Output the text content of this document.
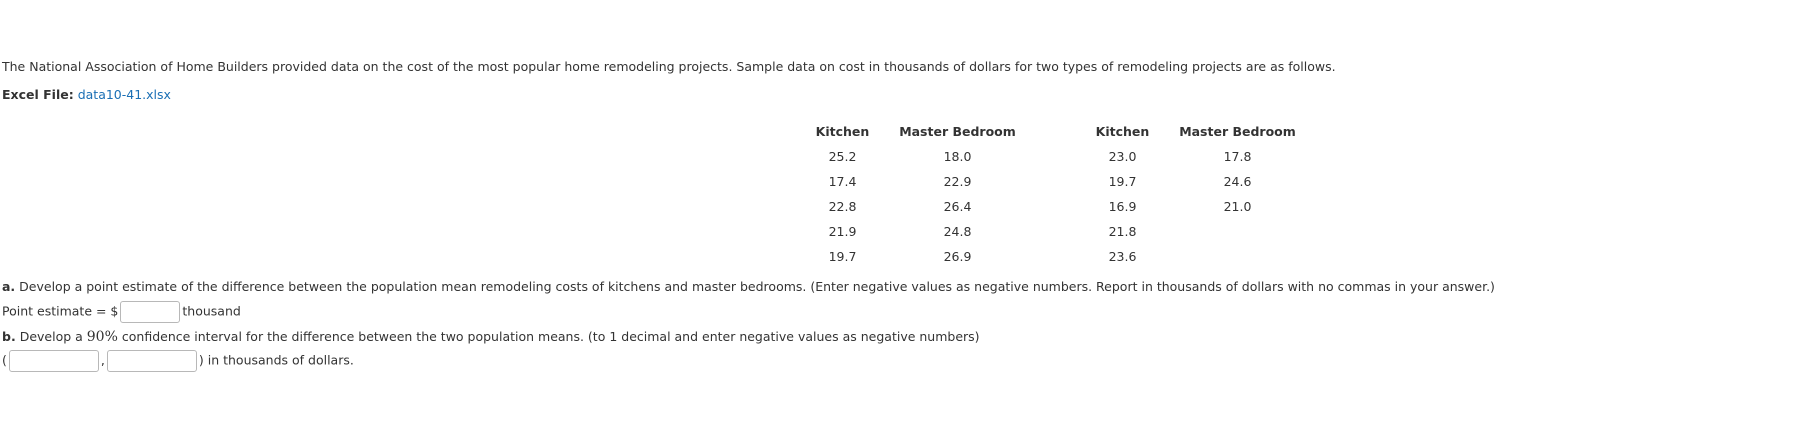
The National Association of Home Builders provided data on the cost of the most popular home remodeling projects. Sample data on cost in thousands of dollars for two types of remodeling projects are as follows.
Excel File: data10-41.xlsx
Kitchen	Master Bedroom		Kitchen	Master Bedroom
25.2	18.0		23.0	17.8
17.4	22.9		19.7	24.6
22.8	26.4		16.9	21.0
21.9	24.8		21.8	
19.7	26.9		23.6	
a. Develop a point estimate of the difference between the population mean remodeling costs of kitchens and master bedrooms. (Enter negative values as negative numbers. Report in thousands of dollars with no commas in your answer.)
Point estimate = $	thousand
b. Develop a 90% confidence interval for the difference between the two population means. (to 1 decimal and enter negative values as negative numbers)
(	,	) in thousands of dollars.
